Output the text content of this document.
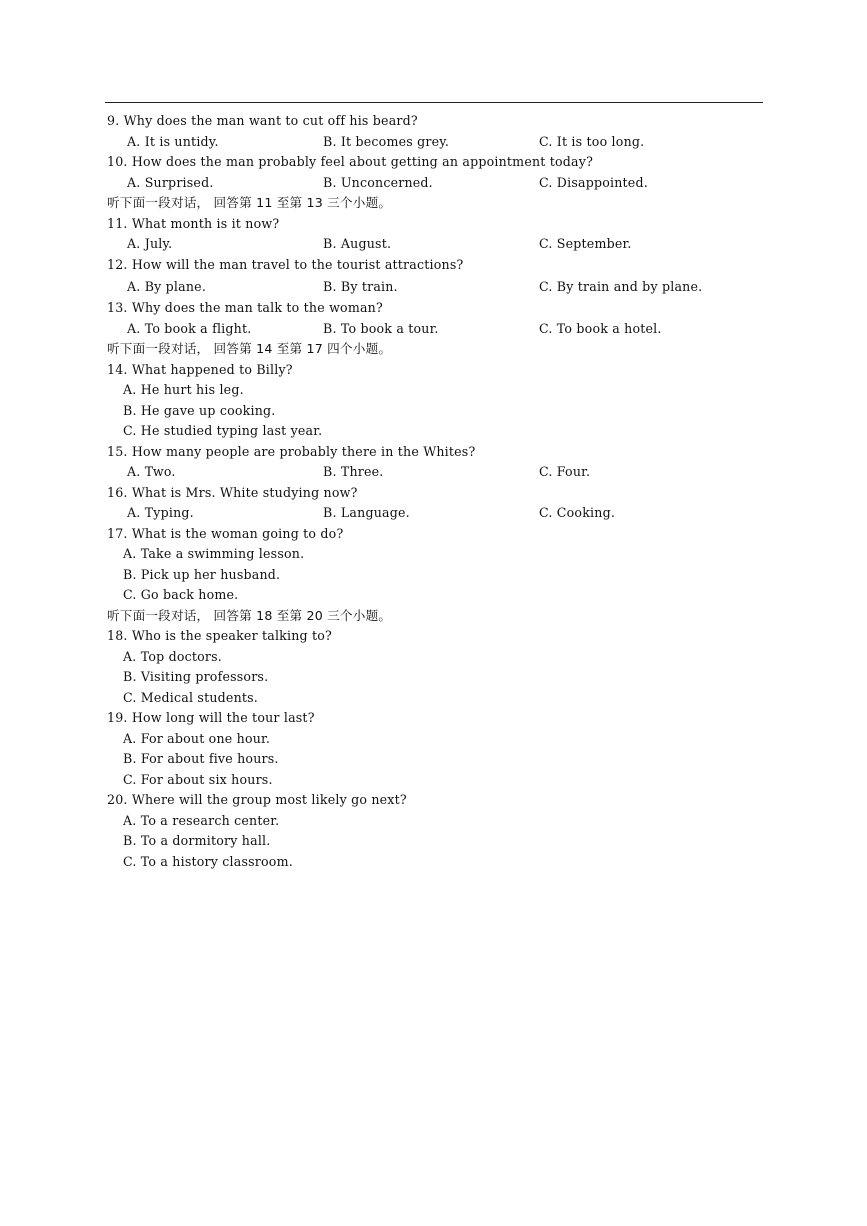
9. Why does the man want to cut off his beard?

A. It is untidy.

	B. It becomes grey.

	C. It is too long.

10. How does the man probably feel about getting an appointment today?

A. Surprised.

	B. Unconcerned.

	C. Disappointed.

听下面一段对话， 回答第 11 至第 13 三个小题。
11. What month is it now?

A. July.

	B. August.

	C. September.

12. How will the man travel to the tourist attractions?

A. By plane.

	B. By train.

	C. By train and by plane.

13. Why does the man talk to the woman?

A. To book a flight.

	B. To book a tour.

	C. To book a hotel.

听下面一段对话， 回答第 14 至第 17 四个小题。
14. What happened to Billy?
A. He hurt his leg.
B. He gave up cooking.
C. He studied typing last year.
15. How many people are probably there in the Whites?

A. Two.

	B. Three.

	C. Four.

16. What is Mrs. White studying now?

A. Typing.

	B. Language.

	C. Cooking.

17. What is the woman going to do?
A. Take a swimming lesson.
B. Pick up her husband.
C. Go back home.
听下面一段对话， 回答第 18 至第 20 三个小题。
18. Who is the speaker talking to?
A. Top doctors.
B. Visiting professors.
C. Medical students.
19. How long will the tour last?
A. For about one hour.
B. For about five hours.
C. For about six hours.
20. Where will the group most likely go next?
A. To a research center.
B. To a dormitory hall.
C. To a history classroom.
